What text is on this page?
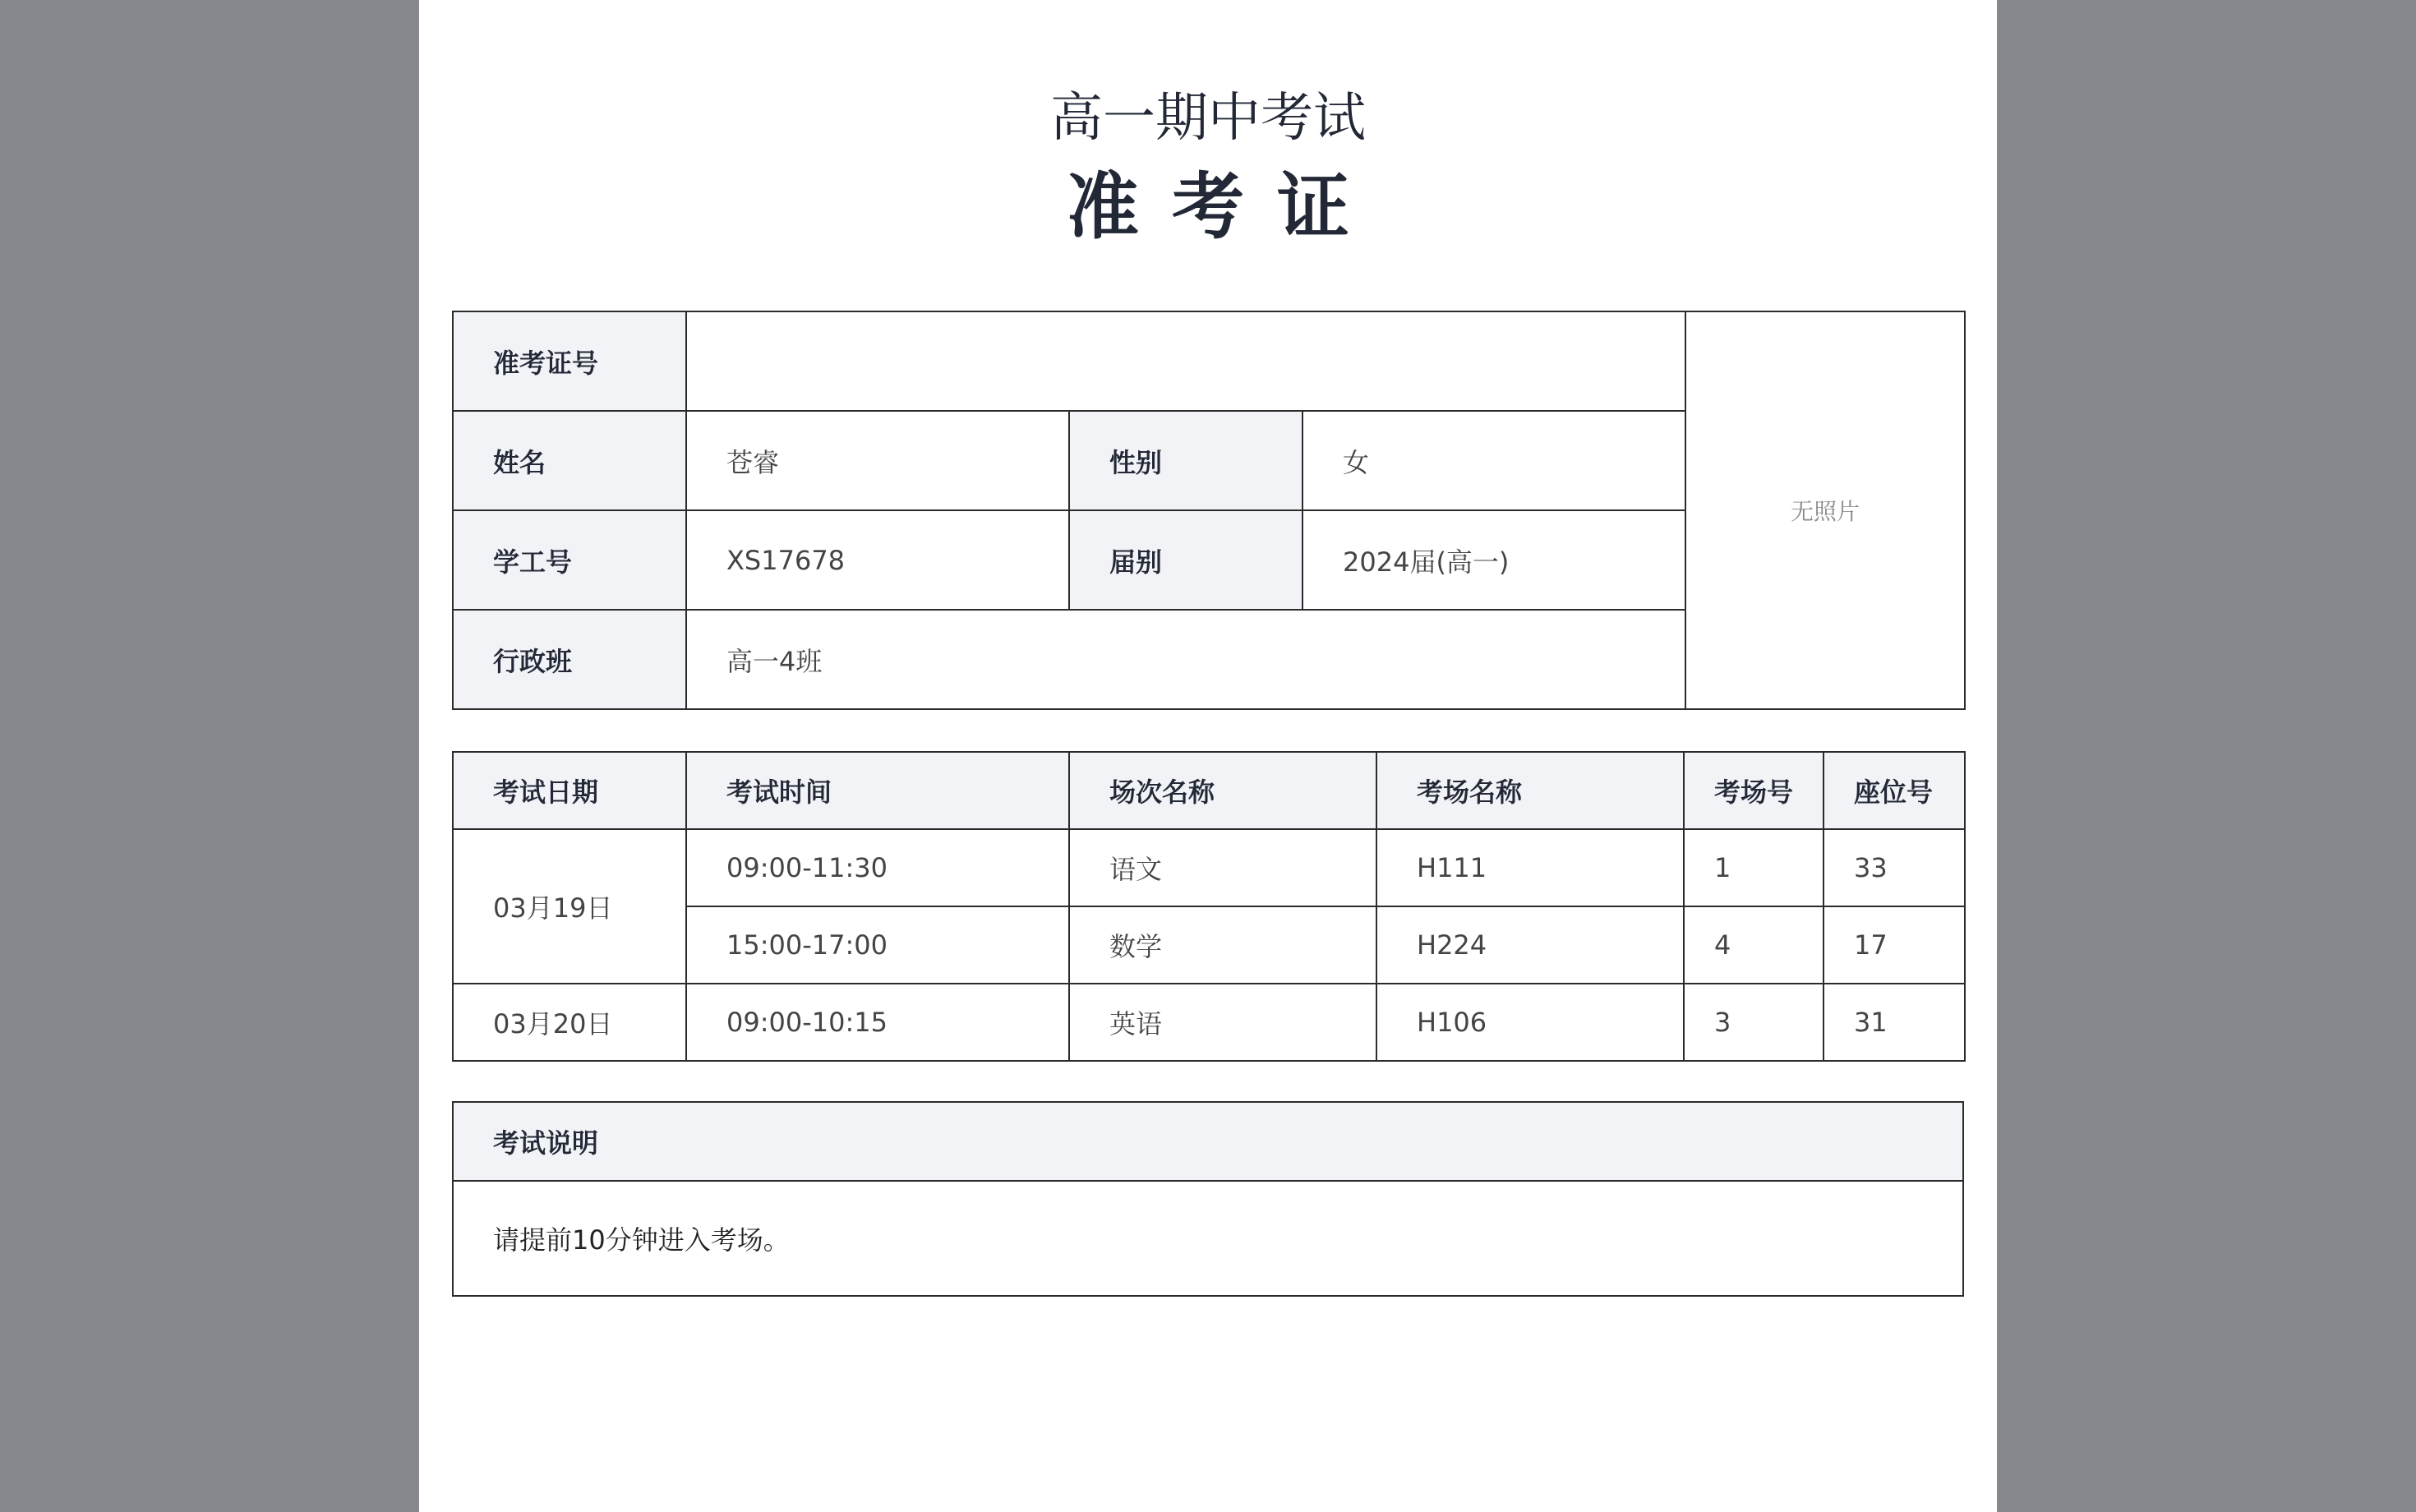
高一期中考试
准考证
准考证号				无照片
姓名	苍睿	性别	女	
学工号	XS17678	届别	2024届(高一)	
行政班	高一4班			
考试日期	考试时间	场次名称	考场名称	考场号	座位号
03月19日	09:00-11:30	语文	H111	1	33
	15:00-17:00	数学	H224	4	17
03月20日	09:00-10:15	英语	H106	3	31
考试说明
请提前10分钟进入考场。
